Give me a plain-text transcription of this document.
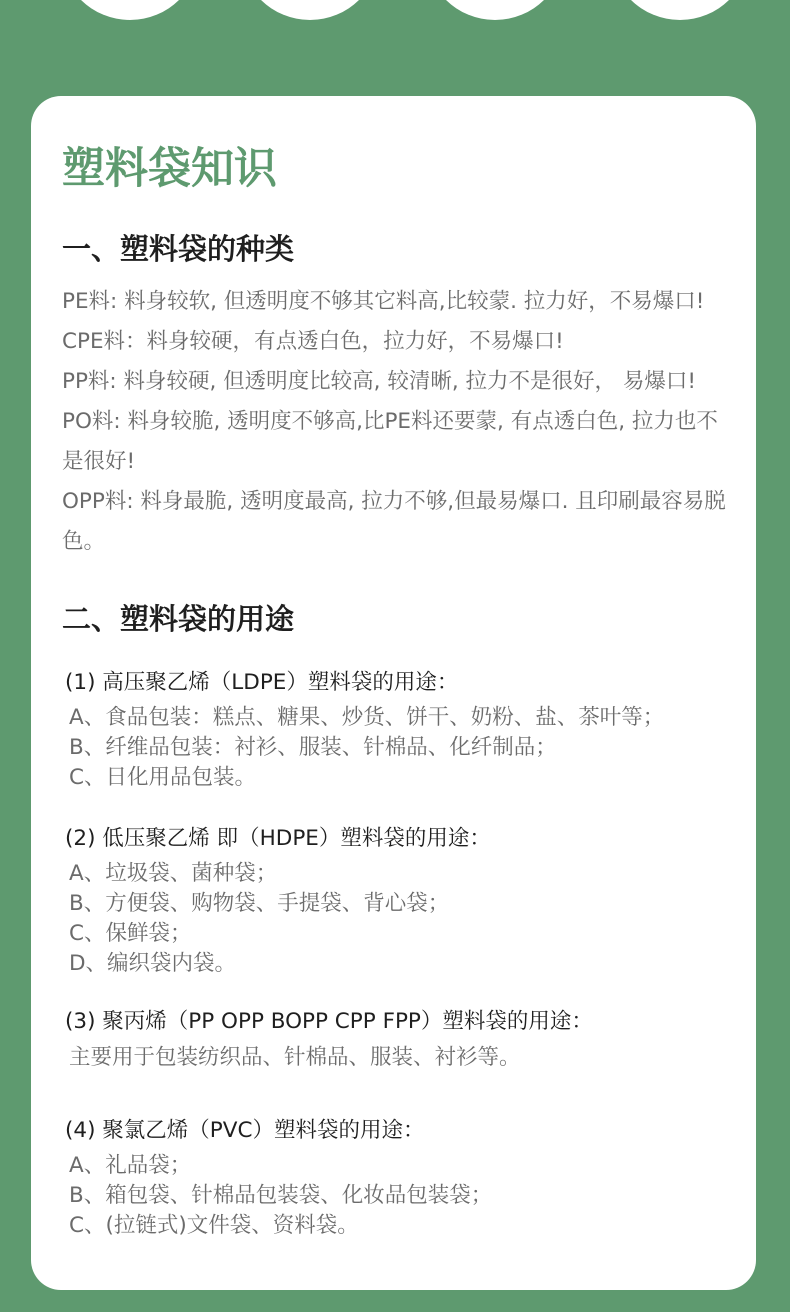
塑料袋知识
一、塑料袋的种类
PE料: 料身较软, 但透明度不够其它料高,比较蒙. 拉力好，不易爆口!
CPE料：料身较硬，有点透白色，拉力好，不易爆口!
PP料: 料身较硬, 但透明度比较高, 较清晰, 拉力不是很好， 易爆口!
PO料: 料身较脆, 透明度不够高,比PE料还要蒙, 有点透白色, 拉力也不是很好!
OPP料: 料身最脆, 透明度最高, 拉力不够,但最易爆口. 且印刷最容易脱色。
二、塑料袋的用途
(1) 高压聚乙烯（LDPE）塑料袋的用途：
A、食品包装：糕点、糖果、炒货、饼干、奶粉、盐、茶叶等；
B、纤维品包装：衬衫、服装、针棉品、化纤制品；
C、日化用品包装。
(2) 低压聚乙烯 即（HDPE）塑料袋的用途：
A、垃圾袋、菌种袋；
B、方便袋、购物袋、手提袋、背心袋；
C、保鲜袋；
D、编织袋内袋。
(3) 聚丙烯（PP OPP BOPP CPP FPP）塑料袋的用途：
主要用于包装纺织品、针棉品、服装、衬衫等。
(4) 聚氯乙烯（PVC）塑料袋的用途：
A、礼品袋；
B、箱包袋、针棉品包装袋、化妆品包装袋；
C、(拉链式)文件袋、资料袋。
